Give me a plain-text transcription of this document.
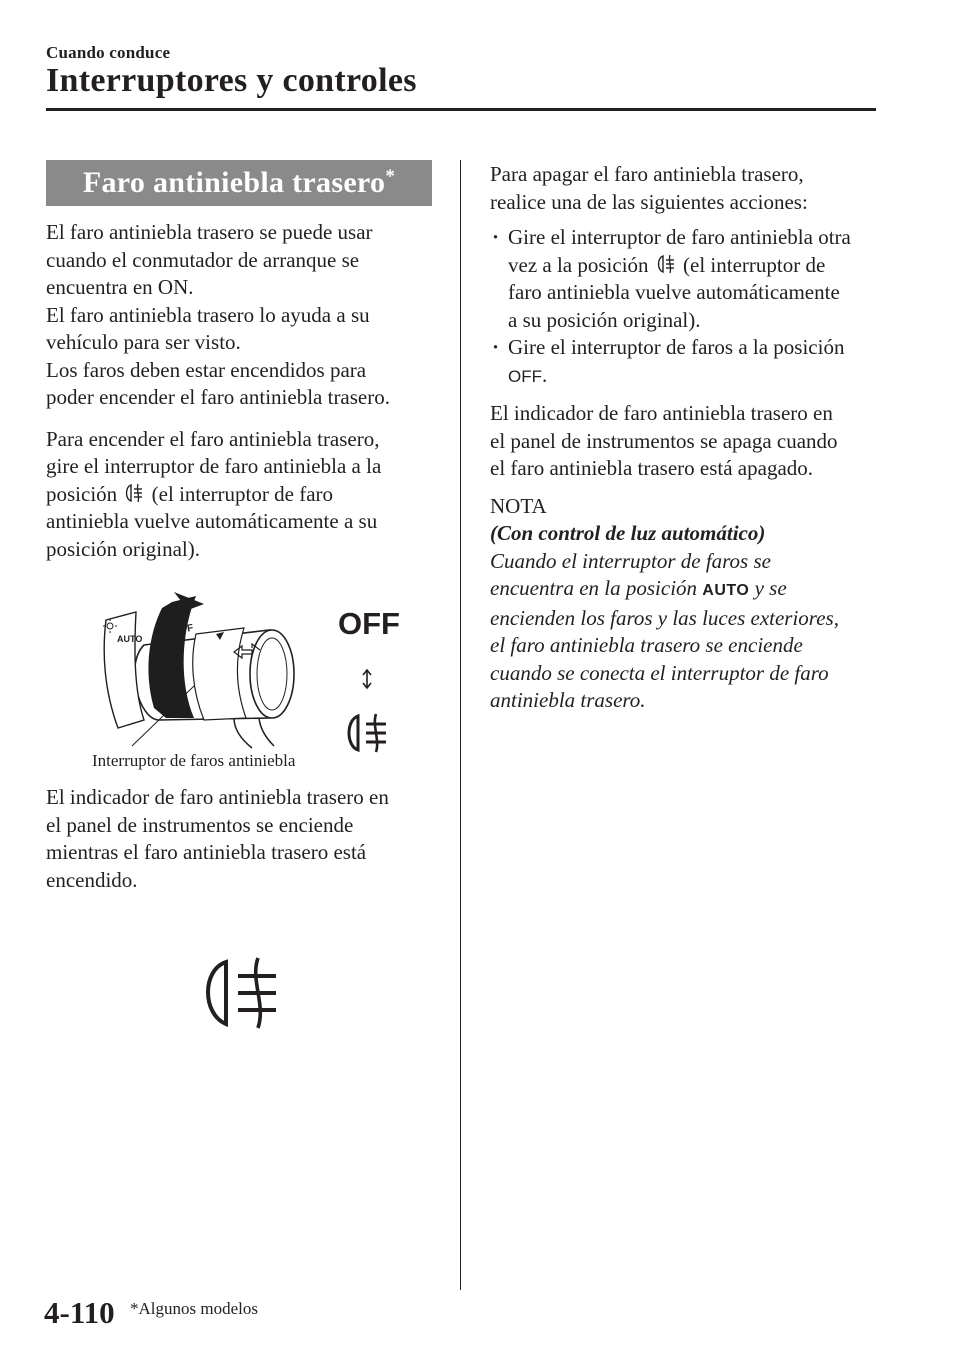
Cuando conduce
Interruptores y controles
Faro antiniebla trasero*

El faro antiniebla trasero se puede usar

cuando el conmutador de arranque se

encuentra en ON.

El faro antiniebla trasero lo ayuda a su

vehículo para ser visto.

Los faros deben estar encendidos para

poder encender el faro antiniebla trasero.

Para encender el faro antiniebla trasero,

gire el interruptor de faro antiniebla a la

posición (el interruptor de faro

antiniebla vuelve automáticamente a su

posición original).

OFF
AUTO	OFF
Interruptor de faros antiniebla

El indicador de faro antiniebla trasero en

el panel de instrumentos se enciende

mientras el faro antiniebla trasero está

encendido.

Para apagar el faro antiniebla trasero,

realice una de las siguientes acciones:

· Gire el interruptor de faro antiniebla otra

vez a la posición (el interruptor de

faro antiniebla vuelve automáticamente

a su posición original).

· Gire el interruptor de faros a la posición

OFF.

El indicador de faro antiniebla trasero en

el panel de instrumentos se apaga cuando

el faro antiniebla trasero está apagado.

NOTA

(Con control de luz automático)

Cuando el interruptor de faros se

encuentra en la posición AUTO y se

encienden los faros y las luces exteriores,

el faro antiniebla trasero se enciende

cuando se conecta el interruptor de faro

antiniebla trasero.

4-110 *Algunos modelos
